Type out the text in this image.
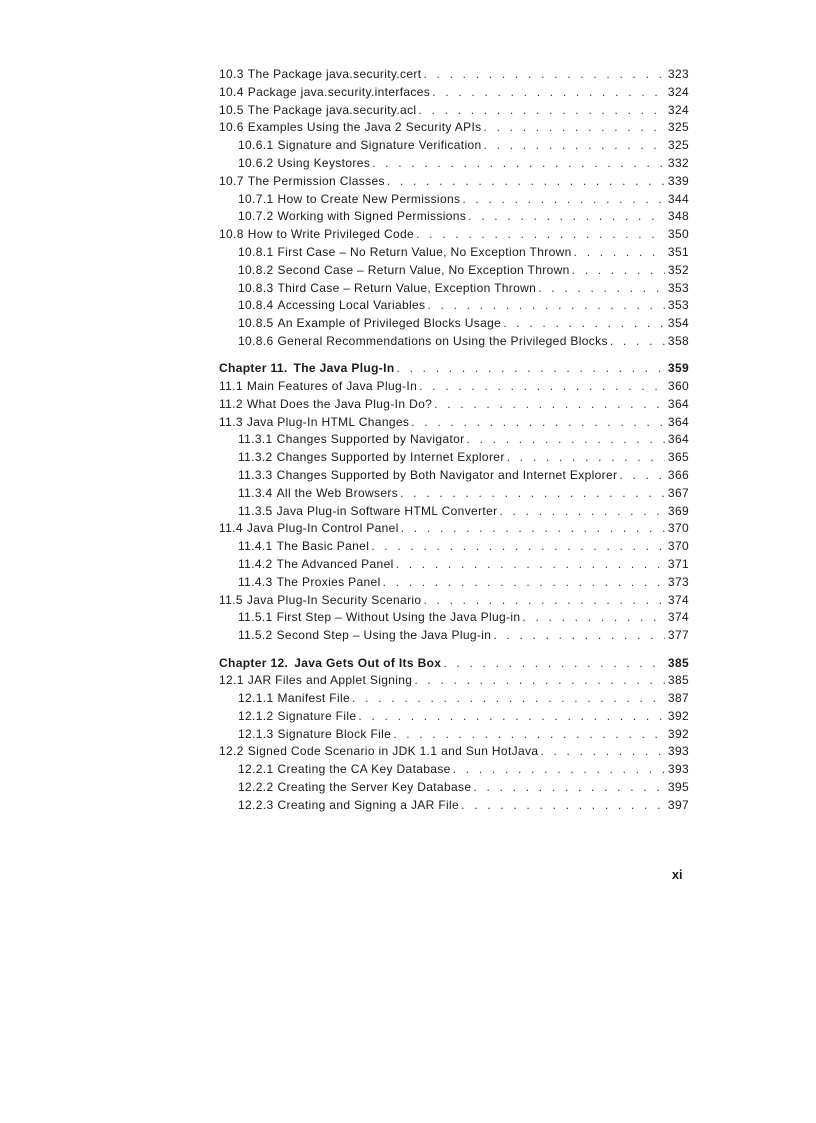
10.3 The Package java.security.cert . . .	323
10.4 Package java.security.interfaces . . .	324
10.5 The Package java.security.acl . . .	324
10.6 Examples Using the Java 2 Security APIs . . .	325
10.6.1 Signature and Signature Verification . . .	325
10.6.2 Using Keystores . . .	332
10.7 The Permission Classes . . .	339
10.7.1 How to Create New Permissions . . .	344
10.7.2 Working with Signed Permissions . . .	348
10.8 How to Write Privileged Code . . .	350
10.8.1 First Case – No Return Value, No Exception Thrown . . .	351
10.8.2 Second Case – Return Value, No Exception Thrown . . .	352
10.8.3 Third Case – Return Value, Exception Thrown . . .	353
10.8.4 Accessing Local Variables . . .	353
10.8.5 An Example of Privileged Blocks Usage . . .	354
10.8.6 General Recommendations on Using the Privileged Blocks . . .	358
Chapter 11. The Java Plug-In . . .	359
11.1 Main Features of Java Plug-In . . .	360
11.2 What Does the Java Plug-In Do? . . .	364
11.3 Java Plug-In HTML Changes . . .	364
11.3.1 Changes Supported by Navigator . . .	364
11.3.2 Changes Supported by Internet Explorer . . .	365
11.3.3 Changes Supported by Both Navigator and Internet Explorer . . .	366
11.3.4 All the Web Browsers . . .	367
11.3.5 Java Plug-in Software HTML Converter . . .	369
11.4 Java Plug-In Control Panel . . .	370
11.4.1 The Basic Panel . . .	370
11.4.2 The Advanced Panel . . .	371
11.4.3 The Proxies Panel . . .	373
11.5 Java Plug-In Security Scenario . . .	374
11.5.1 First Step – Without Using the Java Plug-in . . .	374
11.5.2 Second Step – Using the Java Plug-in . . .	377
Chapter 12. Java Gets Out of Its Box . . .	385
12.1 JAR Files and Applet Signing . . .	385
12.1.1 Manifest File . . .	387
12.1.2 Signature File . . .	392
12.1.3 Signature Block File . . .	392
12.2 Signed Code Scenario in JDK 1.1 and Sun HotJava . . .	393
12.2.1 Creating the CA Key Database . . .	393
12.2.2 Creating the Server Key Database . . .	395
12.2.3 Creating and Signing a JAR File . . .	397
xi
